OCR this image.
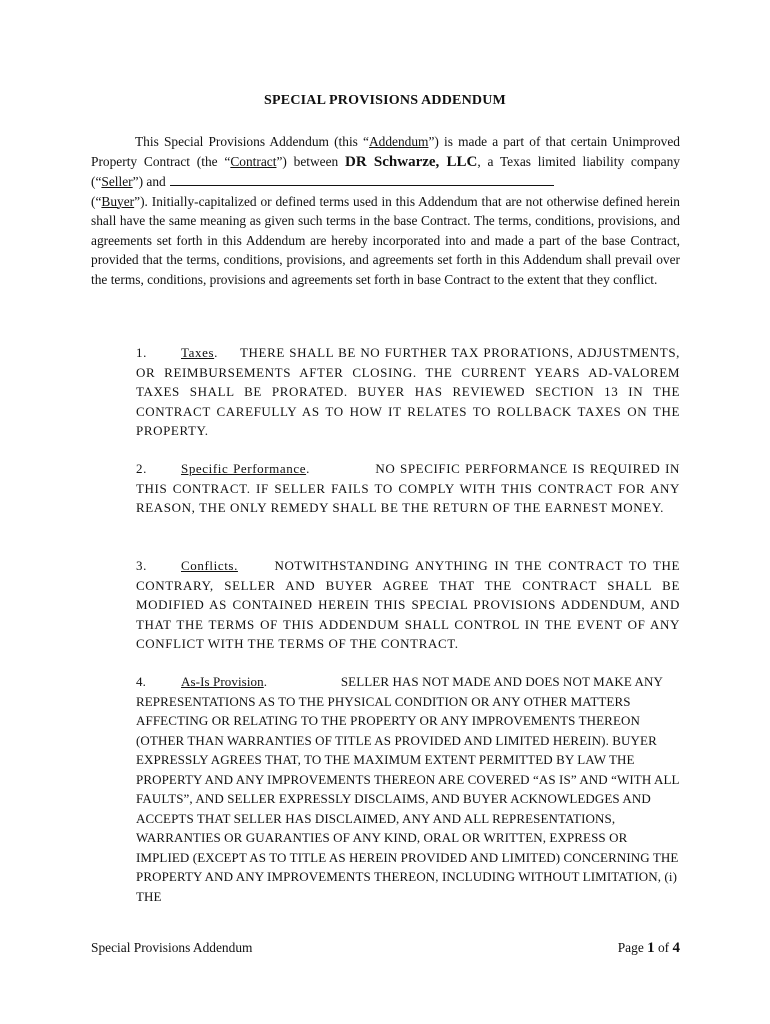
SPECIAL PROVISIONS ADDENDUM
This Special Provisions Addendum (this “Addendum”) is made a part of that certain Unimproved Property Contract (the “Contract”) between DR Schwarze, LLC, a Texas limited liability company (“Seller”) and
(“Buyer”). Initially-capitalized or defined terms used in this Addendum that are not otherwise defined herein shall have the same meaning as given such terms in the base Contract. The terms, conditions, provisions, and agreements set forth in this Addendum are hereby incorporated into and made a part of the base Contract, provided that the terms, conditions, provisions, and agreements set forth in this Addendum shall prevail over the terms, conditions, provisions and agreements set forth in base Contract to the extent that they conflict.
1.	Taxes. THERE SHALL BE NO FURTHER TAX PRORATIONS, ADJUSTMENTS, OR REIMBURSEMENTS AFTER CLOSING. THE CURRENT YEARS AD-VALOREM TAXES SHALL BE PRORATED. BUYER HAS REVIEWED SECTION 13 IN THE CONTRACT CAREFULLY AS TO HOW IT RELATES TO ROLLBACK TAXES ON THE PROPERTY.
2.	Specific Performance.	NO SPECIFIC PERFORMANCE IS REQUIRED IN THIS CONTRACT. IF SELLER FAILS TO COMPLY WITH THIS CONTRACT FOR ANY REASON, THE ONLY REMEDY SHALL BE THE RETURN OF THE EARNEST MONEY.
3.	Conflicts.	NOTWITHSTANDING ANYTHING IN THE CONTRACT TO THE CONTRARY, SELLER AND BUYER AGREE THAT THE CONTRACT SHALL BE MODIFIED AS CONTAINED HEREIN THIS SPECIAL PROVISIONS ADDENDUM, AND THAT THE TERMS OF THIS ADDENDUM SHALL CONTROL IN THE EVENT OF ANY CONFLICT WITH THE TERMS OF THE CONTRACT.
4.	As-Is Provision.	SELLER HAS NOT MADE AND DOES NOT MAKE ANY REPRESENTATIONS AS TO THE PHYSICAL CONDITION OR ANY OTHER MATTERS AFFECTING OR RELATING TO THE PROPERTY OR ANY IMPROVEMENTS THEREON (OTHER THAN WARRANTIES OF TITLE AS PROVIDED AND LIMITED HEREIN). BUYER EXPRESSLY AGREES THAT, TO THE MAXIMUM EXTENT PERMITTED BY LAW THE PROPERTY AND ANY IMPROVEMENTS THEREON ARE COVERED “AS IS” AND “WITH ALL FAULTS”, AND SELLER EXPRESSLY DISCLAIMS, AND BUYER ACKNOWLEDGES AND ACCEPTS THAT SELLER HAS DISCLAIMED, ANY AND ALL REPRESENTATIONS, WARRANTIES OR GUARANTIES OF ANY KIND, ORAL OR WRITTEN, EXPRESS OR IMPLIED (EXCEPT AS TO TITLE AS HEREIN PROVIDED AND LIMITED) CONCERNING THE PROPERTY AND ANY IMPROVEMENTS THEREON, INCLUDING WITHOUT LIMITATION, (i) THE
Special Provisions Addendum	Page 1 of 4
